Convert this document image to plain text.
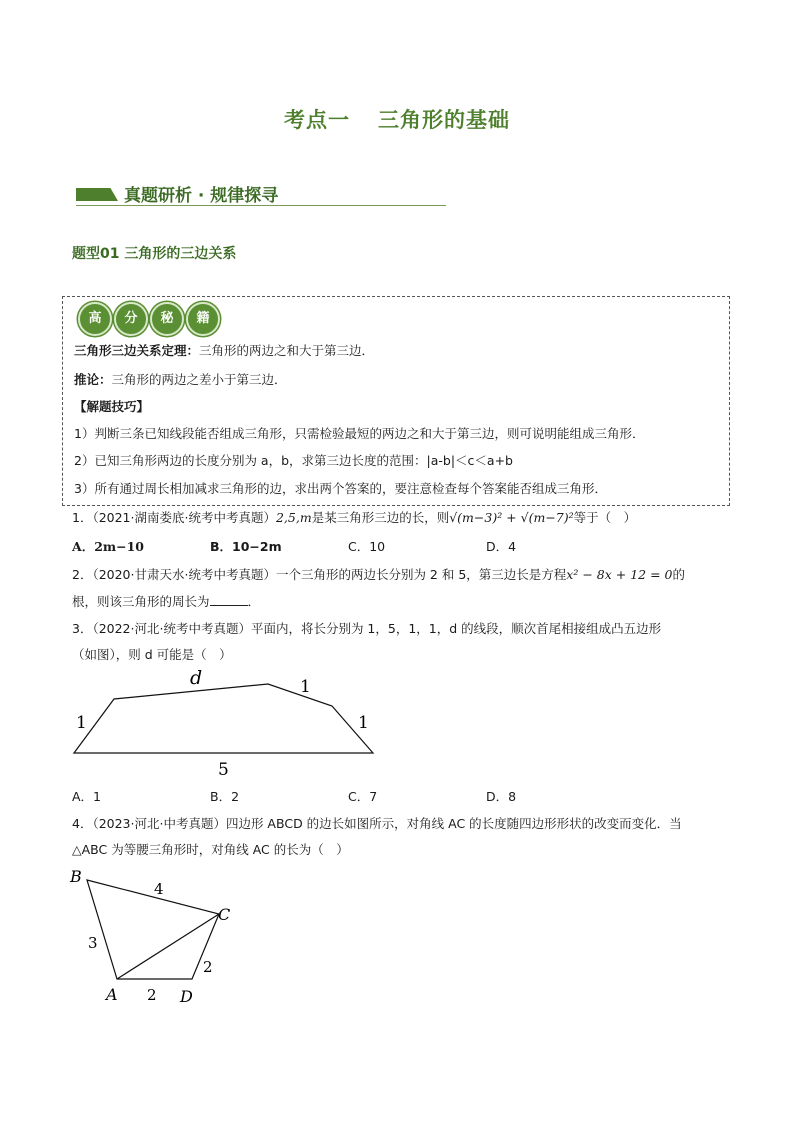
考点一 三角形的基础
真题研析 · 规律探寻
题型01 三角形的三边关系
高	分	秘	籍
三角形三边关系定理：三角形的两边之和大于第三边．
推论：三角形的两边之差小于第三边．
【解题技巧】
1）判断三条已知线段能否组成三角形，只需检验最短的两边之和大于第三边，则可说明能组成三角形．
2）已知三角形两边的长度分别为 a，b，求第三边长度的范围：|a-b|＜c＜a+b
3）所有通过周长相加减求三角形的边，求出两个答案的，要注意检查每个答案能否组成三角形．
1．（2021·湖南娄底·统考中考真题）2,5,m是某三角形三边的长，则√(m−3)² + √(m−7)²等于（　）
A．2m−10	B．10−2m	C．10	D．4
2．（2020·甘肃天水·统考中考真题）一个三角形的两边长分别为 2 和 5，第三边长是方程x² − 8x + 12 = 0的
根，则该三角形的周长为	．
3．（2022·河北·统考中考真题）平面内，将长分别为 1，5，1，1，d 的线段，顺次首尾相接组成凸五边形
（如图），则 d 可能是（　）
d	1
1	1
5
A．1	B．2	C．7	D．8
4．（2023·河北·中考真题）四边形 ABCD 的边长如图所示，对角线 AC 的长度随四边形形状的改变而变化．当
△ABC 为等腰三角形时，对角线 AC 的长为（　）
B
C
A	D
4
3
2
2
